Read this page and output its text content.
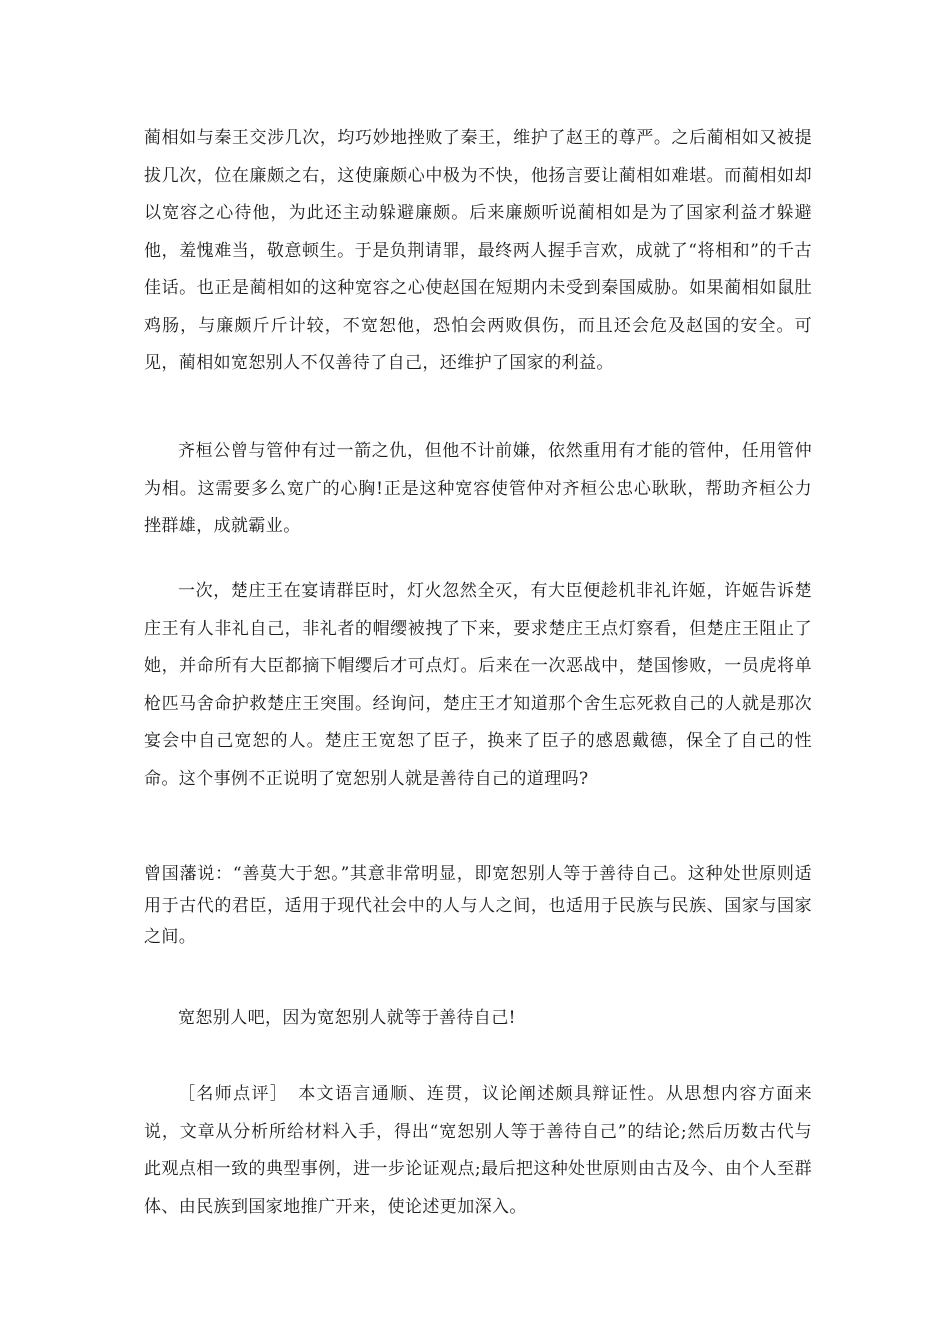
蔺相如与秦王交涉几次，均巧妙地挫败了秦王，维护了赵王的尊严。之后蔺相如又被提拔几次，位在廉颇之右，这使廉颇心中极为不快，他扬言要让蔺相如难堪。而蔺相如却以宽容之心待他，为此还主动躲避廉颇。后来廉颇听说蔺相如是为了国家利益才躲避他，羞愧难当，敬意顿生。于是负荆请罪，最终两人握手言欢，成就了“将相和”的千古佳话。也正是蔺相如的这种宽容之心使赵国在短期内未受到秦国威胁。如果蔺相如鼠肚鸡肠，与廉颇斤斤计较，不宽恕他，恐怕会两败俱伤，而且还会危及赵国的安全。可见，蔺相如宽恕别人不仅善待了自己，还维护了国家的利益。

齐桓公曾与管仲有过一箭之仇，但他不计前嫌，依然重用有才能的管仲，任用管仲为相。这需要多么宽广的心胸!正是这种宽容使管仲对齐桓公忠心耿耿，帮助齐桓公力挫群雄，成就霸业。

一次，楚庄王在宴请群臣时，灯火忽然全灭，有大臣便趁机非礼许姬，许姬告诉楚庄王有人非礼自己，非礼者的帽缨被拽了下来，要求楚庄王点灯察看，但楚庄王阻止了她，并命所有大臣都摘下帽缨后才可点灯。后来在一次恶战中，楚国惨败，一员虎将单枪匹马舍命护救楚庄王突围。经询问，楚庄王才知道那个舍生忘死救自己的人就是那次宴会中自己宽恕的人。楚庄王宽恕了臣子，换来了臣子的感恩戴德，保全了自己的性命。这个事例不正说明了宽恕别人就是善待自己的道理吗?

曾国藩说：“善莫大于恕。”其意非常明显，即宽恕别人等于善待自己。这种处世原则适用于古代的君臣，适用于现代社会中的人与人之间，也适用于民族与民族、国家与国家之间。

宽恕别人吧，因为宽恕别人就等于善待自己!

［名师点评］　本文语言通顺、连贯，议论阐述颇具辩证性。从思想内容方面来说，文章从分析所给材料入手，得出“宽恕别人等于善待自己”的结论;然后历数古代与此观点相一致的典型事例，进一步论证观点;最后把这种处世原则由古及今、由个人至群体、由民族到国家地推广开来，使论述更加深入。
